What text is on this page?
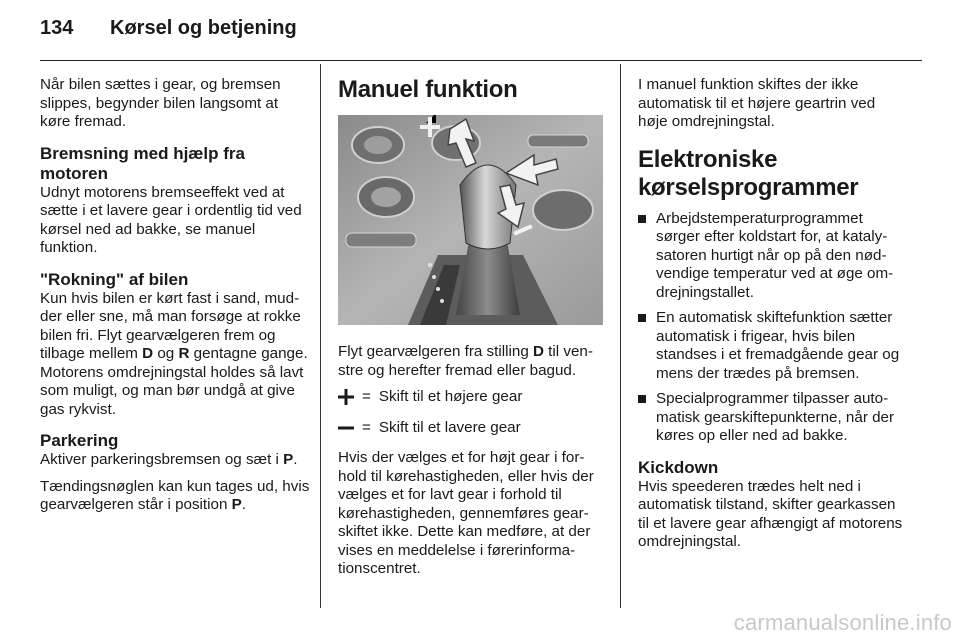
134 Kørsel og betjening

Når bilen sættes i gear, og bremsen slippes, begynder bilen langsomt at køre fremad.

Bremsning med hjælp fra motoren

Udnyt motorens bremseeffekt ved at sætte i et lavere gear i ordentlig tid ved kørsel ned ad bakke, se manuel funktion.

"Rokning" af bilen

Kun hvis bilen er kørt fast i sand, mudder eller sne, må man forsøge at rokke bilen fri. Flyt gearvælgeren frem og tilbage mellem D og R gentagne gange. Motorens omdrejningstal holdes så lavt som muligt, og man bør undgå at give gas rykvist.

Parkering

Aktiver parkeringsbremsen og sæt i P.

Tændingsnøglen kan kun tages ud, hvis gearvælgeren står i position P.

Manuel funktion

Flyt gearvælgeren fra stilling D til venstre og herefter fremad eller bagud.

= Skift til et højere gear
= Skift til et lavere gear

Hvis der vælges et for højt gear i forhold til kørehastigheden, eller hvis der vælges et for lavt gear i forhold til kørehastigheden, gennemføres gearskiftet ikke. Dette kan medføre, at der vises en meddelelse i førerinformationscentret.

I manuel funktion skiftes der ikke automatisk til et højere geartrin ved høje omdrejningstal.

Elektroniske
kørselsprogrammer
Arbejdstemperaturprogrammet sørger efter koldstart for, at katalysatoren hurtigt når op på den nødvendige temperatur ved at øge omdrejningstallet.
En automatisk skiftefunktion sætter automatisk i frigear, hvis bilen standses i et fremadgående gear og mens der trædes på bremsen.
Specialprogrammer tilpasser automatisk gearskiftepunkterne, når der køres op eller ned ad bakke.
Kickdown

Hvis speederen trædes helt ned i automatisk tilstand, skifter gearkassen til et lavere gear afhængigt af motorens omdrejningstal.

carmanualsonline.info
